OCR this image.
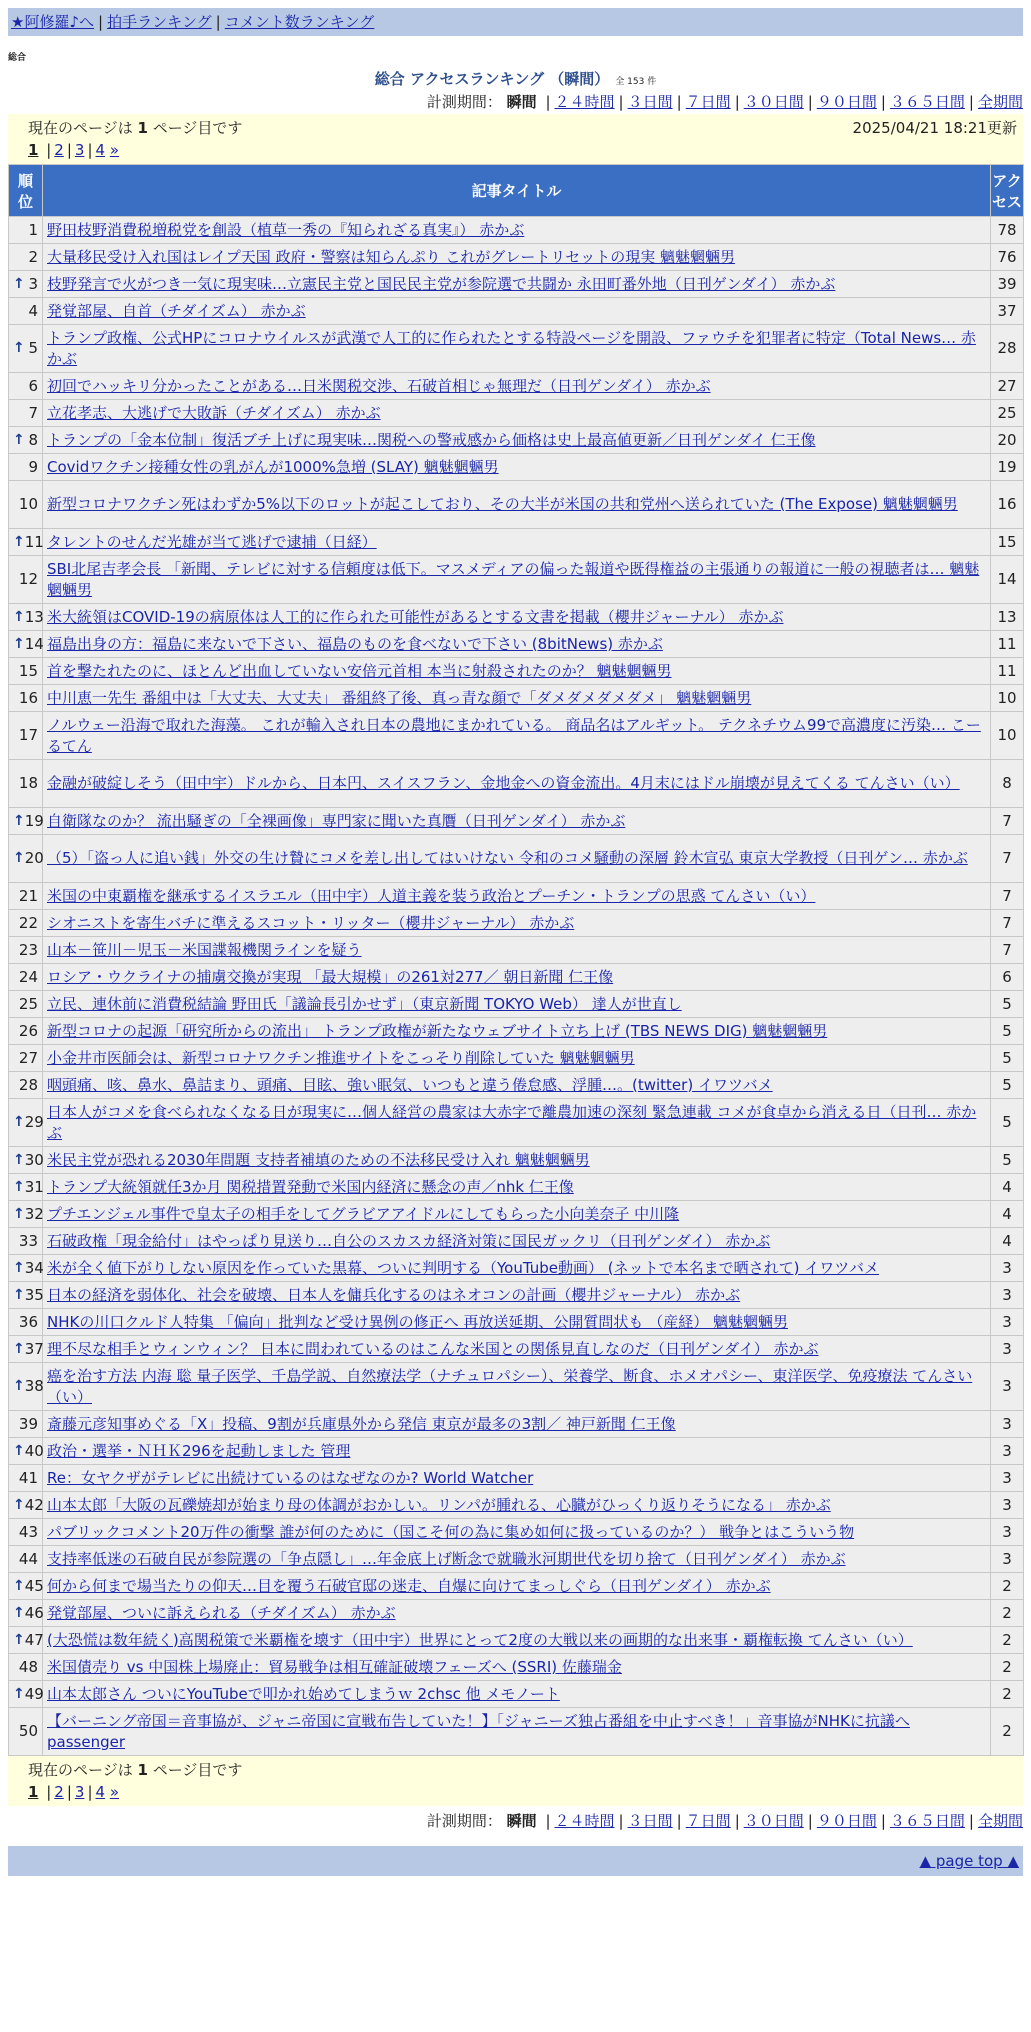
★阿修羅♪へ | 拍手ランキング | コメント数ランキング
総合
総合 アクセスランキング （瞬間） 全 153 件
計測期間： 瞬間 | ２４時間 | ３日間 | ７日間 | ３０日間 | ９０日間 | ３６５日間 | 全期間
現在のページは 1 ページ目です	2025/04/21 18:21更新
1 | 2 | 3 | 4 »
順
位	記事タイトル	アク
セス
1	野田枝野消費税増税党を創設（植草一秀の『知られざる真実』） 赤かぶ	78
2	大量移民受け入れ国はレイプ天国 政府・警察は知らんぷり これがグレートリセットの現実 魑魅魍魎男	76

↑ 3	枝野発言で火がつき一気に現実味…立憲民主党と国民民主党が参院選で共闘か 永田町番外地（日刊ゲンダイ） 赤かぶ	39
4	発覚部屋、自首（チダイズム） 赤かぶ	37

↑ 5	トランプ政権、公式HPにコロナウイルスが武漢で人工的に作られたとする特設ページを開設、ファウチを犯罪者に特定（Total News… 赤かぶ	28
6	初回でハッキリ分かったことがある…日米関税交渉、石破首相じゃ無理だ（日刊ゲンダイ） 赤かぶ	27
7	立花孝志、大逃げで大敗訴（チダイズム） 赤かぶ	25

↑ 8	トランプの「金本位制」復活ブチ上げに現実味…関税への警戒感から価格は史上最高値更新／日刊ゲンダイ 仁王像	20
9	Covidワクチン接種女性の乳がんが1000%急増 (SLAY) 魑魅魍魎男	19
10	新型コロナワクチン死はわずか5%以下のロットが起こしており、その大半が米国の共和党州へ送られていた (The Expose) 魑魅魍魎男	16

↑ 11	タレントのせんだ光雄が当て逃げで逮捕（日経）	15
12	SBI北尾吉孝会長 「新聞、テレビに対する信頼度は低下。マスメディアの偏った報道や既得権益の主張通りの報道に一般の視聴者は… 魑魅魍魎男	14

↑ 13	米大統領はCOVID-19の病原体は人工的に作られた可能性があるとする文書を掲載（櫻井ジャーナル） 赤かぶ	13

↑ 14	福島出身の方：福島に来ないで下さい、福島のものを食べないで下さい (8bitNews) 赤かぶ	11
15	首を撃たれたのに、ほとんど出血していない安倍元首相 本当に射殺されたのか？ 魑魅魍魎男	11
16	中川恵一先生 番組中は「大丈夫、大丈夫」 番組終了後、真っ青な顔で「ダメダメダメダメ」 魑魅魍魎男	10
17	ノルウェー沿海で取れた海藻。 これが輸入され日本の農地にまかれている。 商品名はアルギット。 テクネチウム99で高濃度に汚染… こーるてん	10
18	金融が破綻しそう（田中宇）ドルから、日本円、スイスフラン、金地金への資金流出。4月末にはドル崩壊が見えてくる てんさい（い）	8

↑ 19	自衛隊なのか？ 流出騒ぎの「全裸画像」専門家に聞いた真贋（日刊ゲンダイ） 赤かぶ	7

↑ 20	（5）「盗っ人に追い銭」外交の生け贄にコメを差し出してはいけない 令和のコメ騒動の深層 鈴木宣弘 東京大学教授（日刊ゲン… 赤かぶ	7
21	米国の中東覇権を継承するイスラエル（田中宇）人道主義を装う政治とプーチン・トランプの思惑 てんさい（い）	7
22	シオニストを寄生バチに準えるスコット・リッター（櫻井ジャーナル） 赤かぶ	7
23	山本－笹川－児玉－米国諜報機関ラインを疑う	7
24	ロシア・ウクライナの捕虜交換が実現 「最大規模」の261対277／ 朝日新聞 仁王像	6
25	立民、連休前に消費税結論 野田氏「議論長引かせず」（東京新聞 TOKYO Web） 達人が世直し	5
26	新型コロナの起源「研究所からの流出」 トランプ政権が新たなウェブサイト立ち上げ (TBS NEWS DIG) 魑魅魍魎男	5
27	小金井市医師会は、新型コロナワクチン推進サイトをこっそり削除していた 魑魅魍魎男	5
28	咽頭痛、咳、鼻水、鼻詰まり、頭痛、目眩、強い眠気、いつもと違う倦怠感、浮腫…。(twitter) イワツバメ	5

↑ 29	日本人がコメを食べられなくなる日が現実に…個人経営の農家は大赤字で離農加速の深刻 緊急連載 コメが食卓から消える日（日刊… 赤かぶ	5

↑ 30	米民主党が恐れる2030年問題 支持者補填のための不法移民受け入れ 魑魅魍魎男	5

↑ 31	トランプ大統領就任3か月 関税措置発動で米国内経済に懸念の声／nhk 仁王像	4

↑ 32	プチエンジェル事件で皇太子の相手をしてグラビアアイドルにしてもらった小向美奈子 中川隆	4
33	石破政権「現金給付」はやっぱり見送り…自公のスカスカ経済対策に国民ガックリ（日刊ゲンダイ） 赤かぶ	4

↑ 34	米が全く値下がりしない原因を作っていた黒幕、ついに判明する（YouTube動画） (ネットで本名まで晒されて) イワツバメ	3

↑ 35	日本の経済を弱体化、社会を破壊、日本人を傭兵化するのはネオコンの計画（櫻井ジャーナル） 赤かぶ	3
36	NHKの川口クルド人特集 「偏向」批判など受け異例の修正へ 再放送延期、公開質問状も （産経） 魑魅魍魎男	3

↑ 37	理不尽な相手とウィンウィン？ 日本に問われているのはこんな米国との関係見直しなのだ（日刊ゲンダイ） 赤かぶ	3

↑ 38	癌を治す方法 内海 聡 量子医学、千島学説、自然療法学（ナチュロパシー）、栄養学、断食、ホメオパシー、東洋医学、免疫療法 てんさい（い）	3
39	斎藤元彦知事めぐる「X」投稿、9割が兵庫県外から発信 東京が最多の3割／ 神戸新聞 仁王像	3

↑ 40	政治・選挙・ＮＨＫ296を起動しました 管理	3
41	Re：女ヤクザがテレビに出続けているのはなぜなのか? World Watcher	3

↑ 42	山本太郎「大阪の瓦礫焼却が始まり母の体調がおかしい。リンパが腫れる、心臓がひっくり返りそうになる」 赤かぶ	3
43	パブリックコメント20万件の衝撃 誰が何のために（国こそ何の為に集め如何に扱っているのか？） 戦争とはこういう物	3
44	支持率低迷の石破自民が参院選の「争点隠し」…年金底上げ断念で就職氷河期世代を切り捨て（日刊ゲンダイ） 赤かぶ	3

↑ 45	何から何まで場当たりの仰天…目を覆う石破官邸の迷走、自爆に向けてまっしぐら（日刊ゲンダイ） 赤かぶ	2

↑ 46	発覚部屋、ついに訴えられる（チダイズム） 赤かぶ	2

↑ 47	(大恐慌は数年続く)高関税策で米覇権を壊す（田中宇）世界にとって2度の大戦以来の画期的な出来事・覇権転換 てんさい（い）	2
48	米国債売り vs 中国株上場廃止：貿易戦争は相互確証破壊フェーズへ (SSRI) 佐藤瑞金	2

↑ 49	山本太郎さん ついにYouTubeで叩かれ始めてしまうｗ 2chsc 他 メモノート	2
50	【バーニング帝国＝音事協が、ジャニ帝国に宣戦布告していた！】「ジャニーズ独占番組を中止すべき！」音事協がNHKに抗議へ passenger	2
現在のページは 1 ページ目です
1 | 2 | 3 | 4 »
計測期間： 瞬間 | ２４時間 | ３日間 | ７日間 | ３０日間 | ９０日間 | ３６５日間 | 全期間
▲ page top ▲
